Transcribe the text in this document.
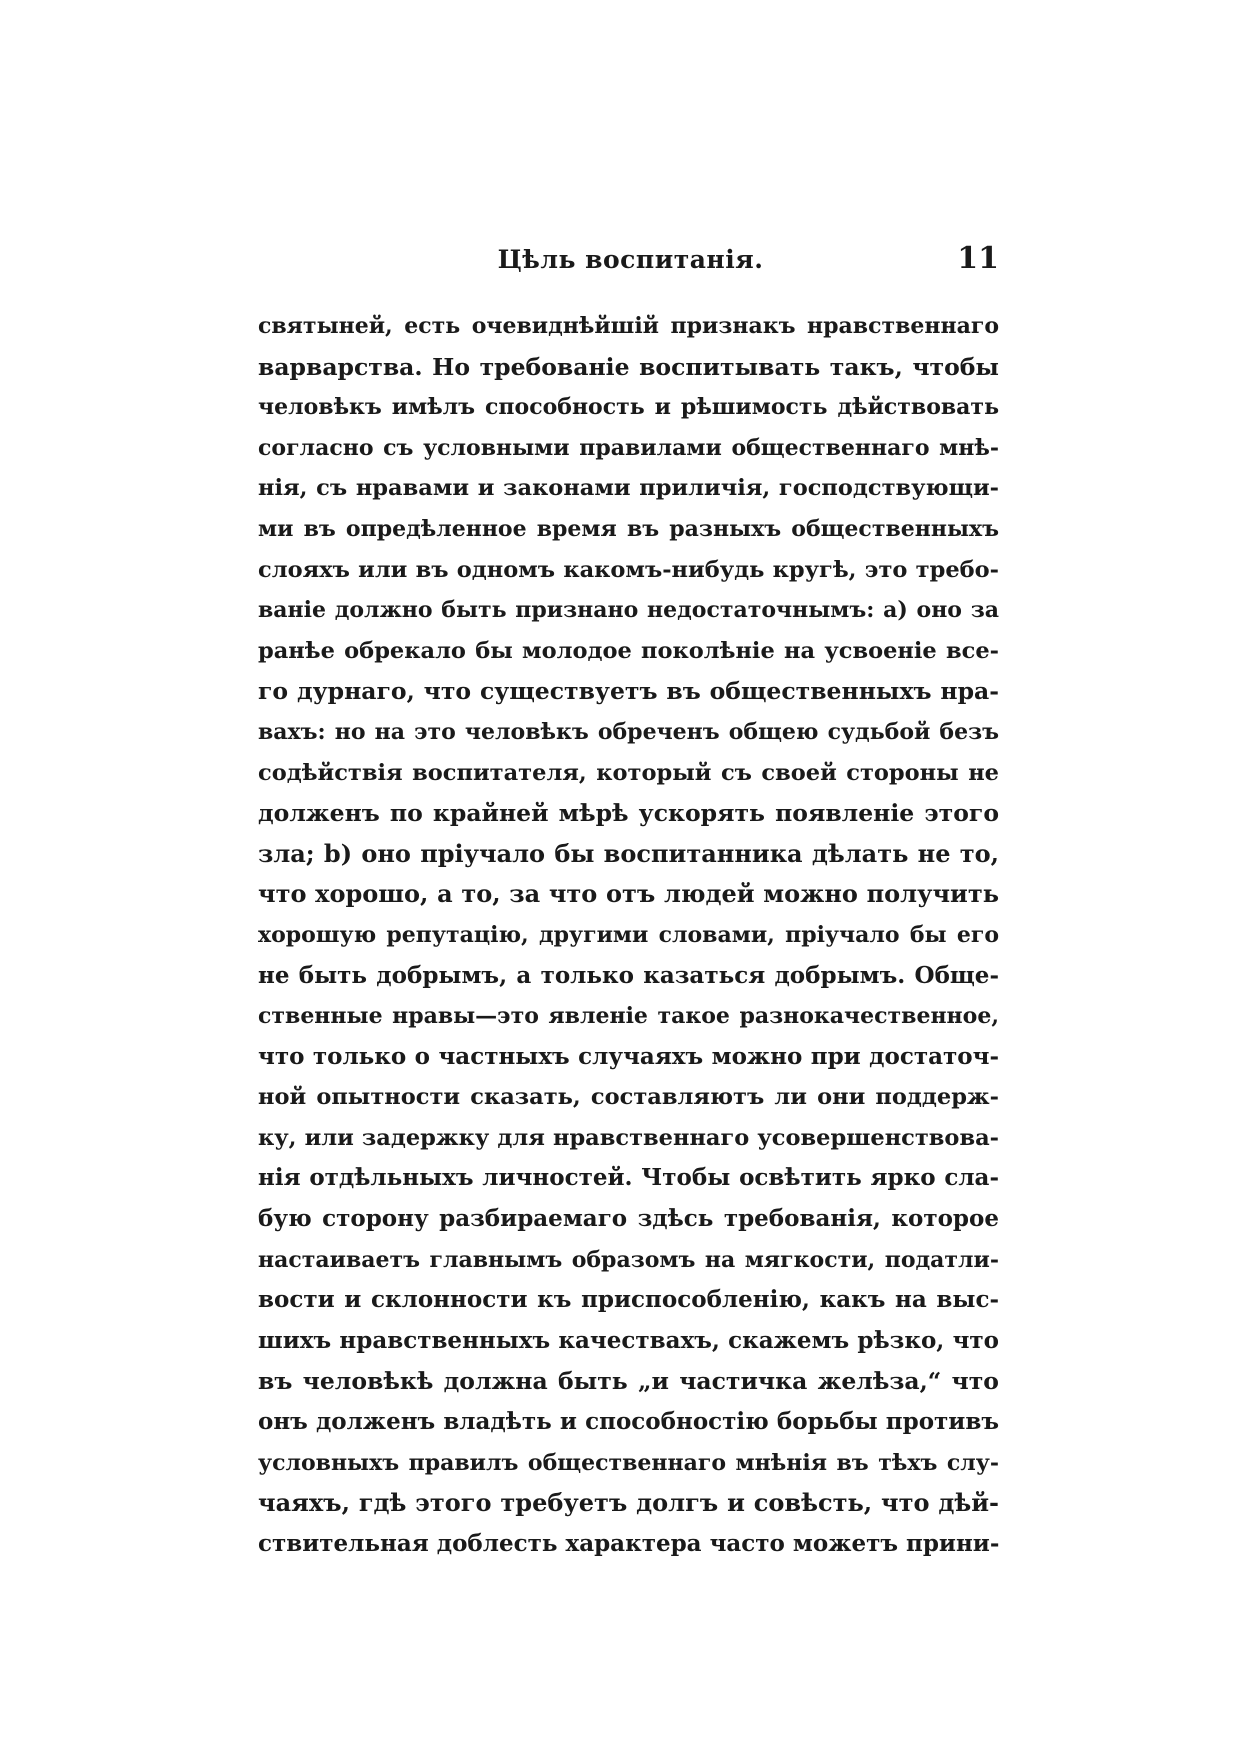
Цѣль воспитанія.	11
святыней, есть очевиднѣйшій признакъ нравственнаго
варварства. Но требованіе воспитывать такъ, чтобы
человѣкъ имѣлъ способность и рѣшимость дѣйствовать
согласно съ условными правилами общественнаго мнѣ-
нія, съ нравами и законами приличія, господствующи-
ми въ опредѣленное время въ разныхъ общественныхъ
слояхъ или въ одномъ какомъ-нибудь кругѣ, это требо-
ваніе должно быть признано недостаточнымъ: а) оно за
ранѣе обрекало бы молодое поколѣніе на усвоеніе все-
го дурнаго, что существуетъ въ общественныхъ нра-
вахъ: но на это человѣкъ обреченъ общею судьбой безъ
содѣйствія воспитателя, который съ своей стороны не
долженъ по крайней мѣрѣ ускорять появленіе этого
зла; b) оно пріучало бы воспитанника дѣлать не то,
что хорошо, а то, за что отъ людей можно получить
хорошую репутацію, другими словами, пріучало бы его
не быть добрымъ, а только казаться добрымъ. Обще-
ственные нравы—это явленіе такое разнокачественное,
что только о частныхъ случаяхъ можно при достаточ-
ной опытности сказать, составляютъ ли они поддерж-
ку, или задержку для нравственнаго усовершенствова-
нія отдѣльныхъ личностей. Чтобы освѣтить ярко сла-
бую сторону разбираемаго здѣсь требованія, которое
настаиваетъ главнымъ образомъ на мягкости, податли-
вости и склонности къ приспособленію, какъ на выс-
шихъ нравственныхъ качествахъ, скажемъ рѣзко, что
въ человѣкѣ должна быть „и частичка желѣза,“ что
онъ долженъ владѣть и способностію борьбы противъ
условныхъ правилъ общественнаго мнѣнія въ тѣхъ слу-
чаяхъ, гдѣ этого требуетъ долгъ и совѣсть, что дѣй-
ствительная доблесть характера часто можетъ прини-
